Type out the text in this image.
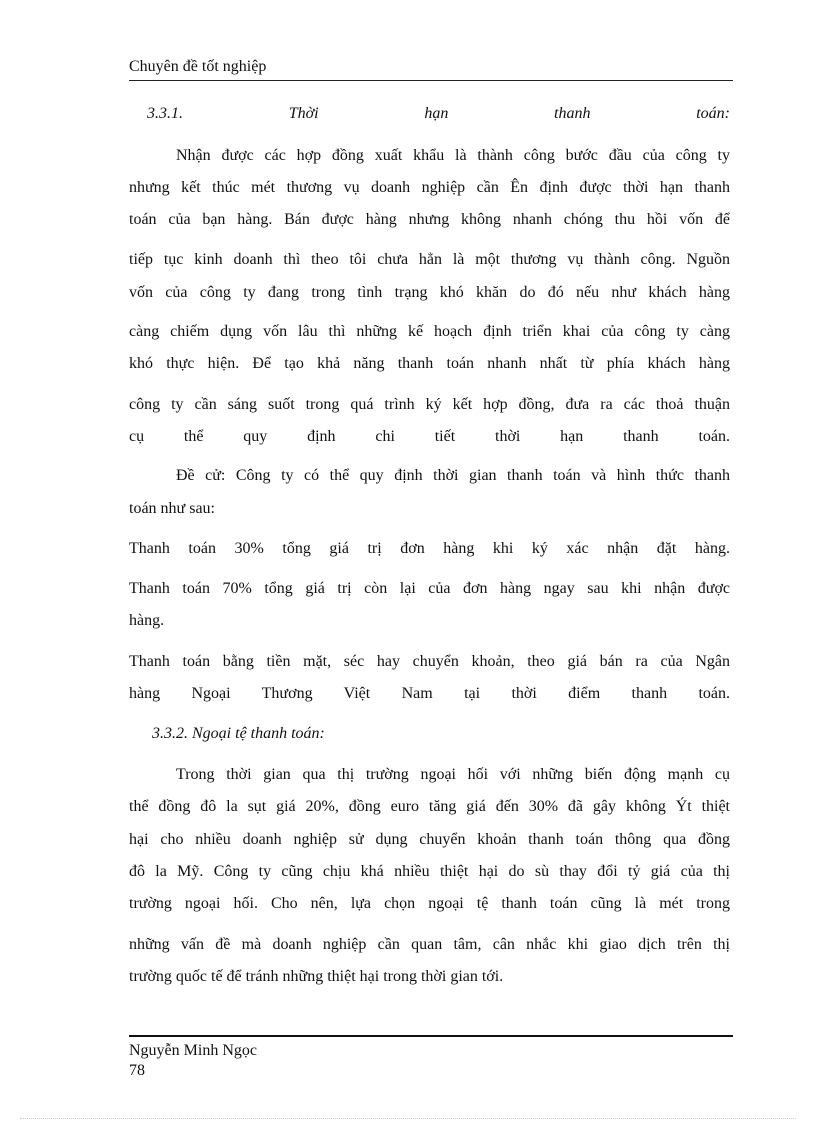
Chuyên đề tốt nghiệp
3.3.1. Thời hạn thanh toán:
Nhận được các hợp đồng xuất khẩu là thành công bước đầu của công ty
nhưng kết thúc mét thương vụ doanh nghiệp cần Ên định được thời hạn thanh
toán của bạn hàng. Bán được hàng nhưng không nhanh chóng thu hồi vốn để
tiếp tục kinh doanh thì theo tôi chưa hẳn là một thương vụ thành công. Nguồn
vốn của công ty đang trong tình trạng khó khăn do đó nếu như khách hàng
càng chiếm dụng vốn lâu thì những kế hoạch định triển khai của công ty càng
khó thực hiện. Để tạo khả năng thanh toán nhanh nhất từ phía khách hàng
công ty cần sáng suốt trong quá trình ký kết hợp đồng, đưa ra các thoả thuận
cụ thể quy định chi tiết thời hạn thanh toán.
Đề cử: Công ty có thể quy định thời gian thanh toán và hình thức thanh
toán như sau:
Thanh toán 30% tổng giá trị đơn hàng khi ký xác nhận đặt hàng.
Thanh toán 70% tổng giá trị còn lại của đơn hàng ngay sau khi nhận được
hàng.
Thanh toán bằng tiền mặt, séc hay chuyển khoản, theo giá bán ra của Ngân
hàng Ngoại Thương Việt Nam tại thời điểm thanh toán.
3.3.2. Ngoại tệ thanh toán:
Trong thời gian qua thị trường ngoại hối với những biến động mạnh cụ
thể đồng đô la sụt giá 20%, đồng euro tăng giá đến 30% đã gây không Ýt thiệt
hại cho nhiều doanh nghiệp sử dụng chuyển khoản thanh toán thông qua đồng
đô la Mỹ. Công ty cũng chịu khá nhiều thiệt hại do sù thay đổi tỷ giá của thị
trường ngoại hối. Cho nên, lựa chọn ngoại tệ thanh toán cũng là mét trong
những vấn đề mà doanh nghiệp cần quan tâm, cân nhắc khi giao dịch trên thị
trường quốc tế để tránh những thiệt hại trong thời gian tới.
Nguyễn Minh Ngọc
78
